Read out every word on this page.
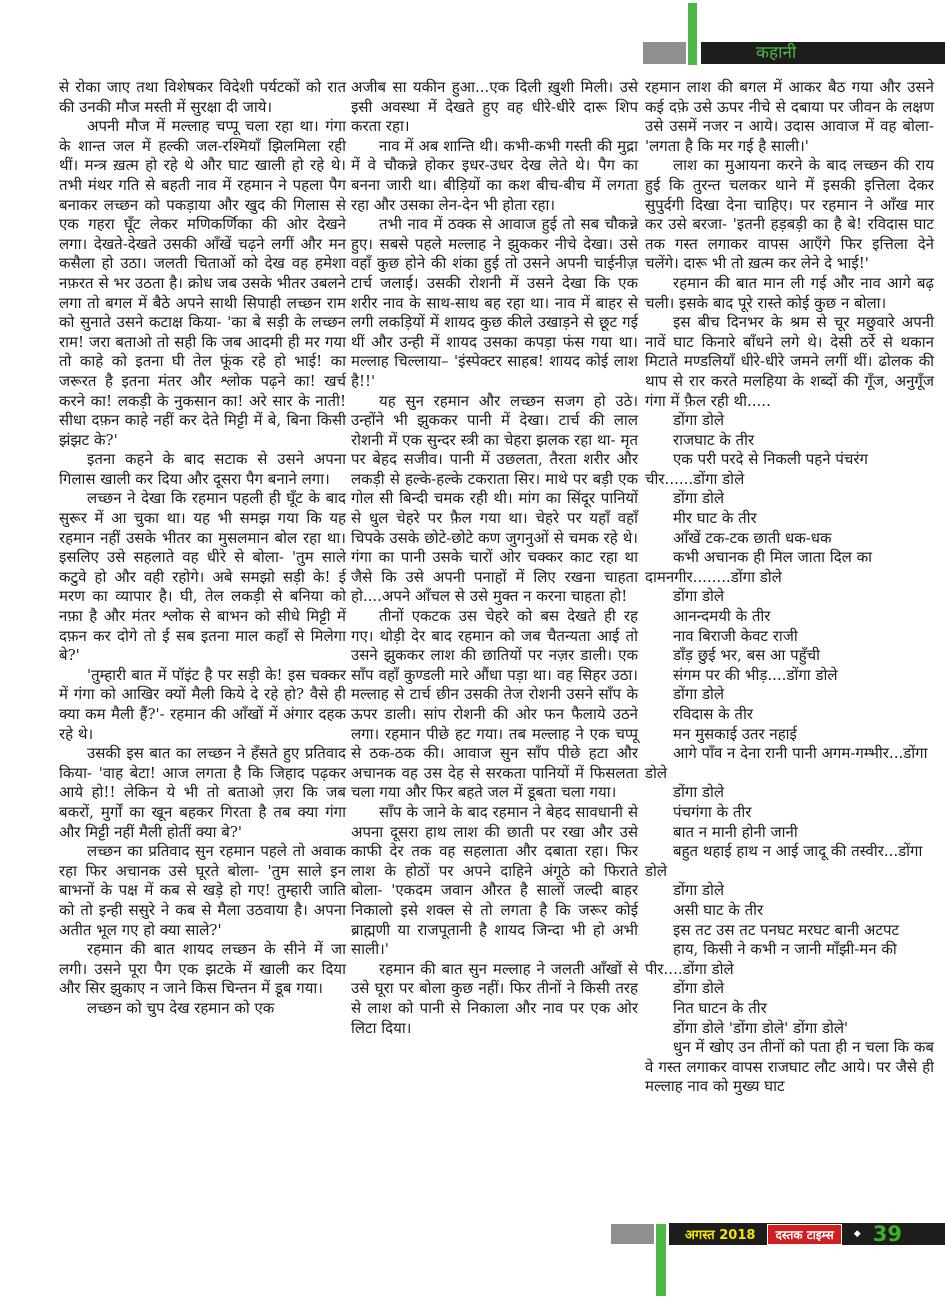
कहानी

से रोका जाए तथा विशेषकर विदेशी पर्यटकों को रात की उनकी मौज मस्ती में सुरक्षा दी जाये।

अपनी मौज में मल्लाह चप्पू चला रहा था। गंगा के शान्त जल में हल्की जल-रश्मियाँ झिलमिला रही थीं। मन्त्र ख़त्म हो रहे थे और घाट खाली हो रहे थे। तभी मंथर गति से बहती नाव में रहमान ने पहला पैग बनाकर लच्छन को पकड़ाया और खुद की गिलास से एक गहरा घूँट लेकर मणिकर्णिका की ओर देखने लगा। देखते-देखते उसकी आँखें चढ़ने लगीं और मन कसैला हो उठा। जलती चिताओं को देख वह हमेशा नफ़रत से भर उठता है। क्रोध जब उसके भीतर उबलने लगा तो बगल में बैठे अपने साथी सिपाही लच्छन राम को सुनाते उसने कटाक्ष किया- 'का बे सड़ी के लच्छन राम! जरा बताओ तो सही कि जब आदमी ही मर गया तो काहे को इतना घी तेल फूंक रहे हो भाई! का जरूरत है इतना मंतर और श्लोक पढ़ने का! खर्च करने का! लकड़ी के नुकसान का! अरे सार के नाती! सीधा दफ़न काहे नहीं कर देते मिट्टी में बे, बिना किसी झंझट के?'

इतना कहने के बाद सटाक से उसने अपना गिलास खाली कर दिया और दूसरा पैग बनाने लगा।

लच्छन ने देखा कि रहमान पहली ही घूँट के बाद सुरूर में आ चुका था। यह भी समझ गया कि यह रहमान नहीं उसके भीतर का मुसलमान बोल रहा था। इसलिए उसे सहलाते वह धीरे से बोला- 'तुम साले कटुवे हो और वही रहोगे। अबे समझो सड़ी के! ई मरण का व्यापार है। घी, तेल लकड़ी से बनिया को नफ़ा है और मंतर श्लोक से बाभन को सीधे मिट्टी में दफ़न कर दोगे तो ई सब इतना माल कहाँ से मिलेगा बे?'

'तुम्हारी बात में पॉइंट है पर सड़ी के! इस चक्कर में गंगा को आखिर क्यों मैली किये दे रहे हो? वैसे ही क्या कम मैली हैं?'- रहमान की आँखों में अंगार दहक रहे थे।

उसकी इस बात का लच्छन ने हँसते हुए प्रतिवाद किया- 'वाह बेटा! आज लगता है कि जिहाद पढ़कर आये हो!! लेकिन ये भी तो बताओ ज़रा कि जब बकरों, मुर्गों का खून बहकर गिरता है तब क्या गंगा और मिट्टी नहीं मैली होतीं क्या बे?'

लच्छन का प्रतिवाद सुन रहमान पहले तो अवाक रहा फिर अचानक उसे घूरते बोला- 'तुम साले इन बाभनों के पक्ष में कब से खड़े हो गए! तुम्हारी जाति को तो इन्ही ससुरे ने कब से मैला उठवाया है। अपना अतीत भूल गए हो क्या साले?'

रहमान की बात शायद लच्छन के सीने में जा लगी। उसने पूरा पैग एक झटके में खाली कर दिया और सिर झुकाए न जाने किस चिन्तन में डूब गया।

लच्छन को चुप देख रहमान को एक

अजीब सा यकीन हुआ...एक दिली ख़ुशी मिली। उसे इसी अवस्था में देखते हुए वह धीरे-धीरे दारू शिप करता रहा।

नाव में अब शान्ति थी। कभी-कभी गस्ती की मुद्रा में वे चौकन्ने होकर इधर-उधर देख लेते थे। पैग का बनना जारी था। बीड़ियों का कश बीच-बीच में लगता रहा और उसका लेन-देन भी होता रहा।

तभी नाव में ठक्क से आवाज हुई तो सब चौकन्ने हुए। सबसे पहले मल्लाह ने झुककर नीचे देखा। उसे वहाँ कुछ होने की शंका हुई तो उसने अपनी चाईनीज़ टार्च जलाई। उसकी रोशनी में उसने देखा कि एक शरीर नाव के साथ-साथ बह रहा था। नाव में बाहर से लगी लकड़ियों में शायद कुछ कीले उखाड़ने से छूट गई थीं और उन्ही में शायद उसका कपड़ा फंस गया था। मल्लाह चिल्लाया– 'इंस्पेक्टर साहब! शायद कोई लाश है!!'

यह सुन रहमान और लच्छन सजग हो उठे। उन्होंने भी झुककर पानी में देखा। टार्च की लाल रोशनी में एक सुन्दर स्त्री का चेहरा झलक रहा था- मृत पर बेहद सजीव। पानी में उछलता, तैरता शरीर और लकड़ी से हल्के-हल्के टकराता सिर। माथे पर बड़ी एक गोल सी बिन्दी चमक रही थी। मांग का सिंदूर पानियों से धुल चेहरे पर फ़ैल गया था। चेहरे पर यहाँ वहाँ चिपके उसके छोटे-छोटे कण जुगनुओं से चमक रहे थे। गंगा का पानी उसके चारों ओर चक्कर काट रहा था जैसे कि उसे अपनी पनाहों में लिए रखना चाहता हो....अपने आँचल से उसे मुक्त न करना चाहता हो!

तीनों एकटक उस चेहरे को बस देखते ही रह गए। थोड़ी देर बाद रहमान को जब चैतन्यता आई तो उसने झुककर लाश की छातियों पर नज़र डाली। एक साँप वहाँ कुण्डली मारे औंधा पड़ा था। वह सिहर उठा। मल्लाह से टार्च छीन उसकी तेज रोशनी उसने साँप के ऊपर डाली। सांप रोशनी की ओर फन फैलाये उठने लगा। रहमान पीछे हट गया। तब मल्लाह ने एक चप्पू से ठक-ठक की। आवाज सुन साँप पीछे हटा और अचानक वह उस देह से सरकता पानियों में फिसलता चला गया और फिर बहते जल में डूबता चला गया।

साँप के जाने के बाद रहमान ने बेहद सावधानी से अपना दूसरा हाथ लाश की छाती पर रखा और उसे काफी देर तक वह सहलाता और दबाता रहा। फिर लाश के होठों पर अपने दाहिने अंगूठे को फिराते बोला- 'एकदम जवान औरत है सालों जल्दी बाहर निकालो इसे शक्ल से तो लगता है कि जरूर कोई ब्राह्मणी या राजपूतानी है शायद जिन्दा भी हो अभी साली।'

रहमान की बात सुन मल्लाह ने जलती आँखों से उसे घूरा पर बोला कुछ नहीं। फिर तीनों ने किसी तरह से लाश को पानी से निकाला और नाव पर एक ओर लिटा दिया।

रहमान लाश की बगल में आकर बैठ गया और उसने कई दफ़े उसे ऊपर नीचे से दबाया पर जीवन के लक्षण उसे उसमें नजर न आये। उदास आवाज में वह बोला- 'लगता है कि मर गई है साली।'

लाश का मुआयना करने के बाद लच्छन की राय हुई कि तुरन्त चलकर थाने में इसकी इत्तिला देकर सुपुर्दगी दिखा देना चाहिए। पर रहमान ने आँख मार कर उसे बरजा- 'इतनी हड़बड़ी का है बे! रविदास घाट तक गस्त लगाकर वापस आएँगे फिर इत्तिला देने चलेंगे। दारू भी तो ख़त्म कर लेने दे भाई!'

रहमान की बात मान ली गई और नाव आगे बढ़ चली। इसके बाद पूरे रास्ते कोई कुछ न बोला।

इस बीच दिनभर के श्रम से चूर मछुवारे अपनी नावें घाट किनारे बाँधने लगे थे। देसी ठर्रे से थकान मिटाते मण्डलियाँ धीरे-धीरे जमने लगीं थीं। ढोलक की थाप से रार करते मलहिया के शब्दों की गूँज, अनुगूँज गंगा में फ़ैल रही थी.....

डोंगा डोले
राजघाट के तीर
एक परी परदे से निकली पहने पंचरंग चीर......डोंगा डोले
डोंगा डोले
मीर घाट के तीर
आँखें टक-टक छाती धक-धक
कभी अचानक ही मिल जाता दिल का दामनगीर........डोंगा डोले
डोंगा डोले
आनन्दमयी के तीर
नाव बिराजी केवट राजी
डाँड़ छुई भर, बस आ पहुँची
संगम पर की भीड़....डोंगा डोले
डोंगा डोले
रविदास के तीर
मन मुसकाई उतर नहाई
आगे पाँव न देना रानी पानी अगम-गम्भीर...डोंगा डोले
डोंगा डोले
पंचगंगा के तीर
बात न मानी होनी जानी
बहुत थहाई हाथ न आई जादू की तस्वीर...डोंगा डोले
डोंगा डोले
असी घाट के तीर
इस तट उस तट पनघट मरघट बानी अटपट
हाय, किसी ने कभी न जानी माँझी-मन की पीर....डोंगा डोले
डोंगा डोले
नित घाटन के तीर
डोंगा डोले 'डोंगा डोले' डोंगा डोले'

धुन में खोए उन तीनों को पता ही न चला कि कब वे गस्त लगाकर वापस राजघाट लौट आये। पर जैसे ही मल्लाह नाव को मुख्य घाट

अगस्त 2018	दस्तक टाइम्स	◆ 39
